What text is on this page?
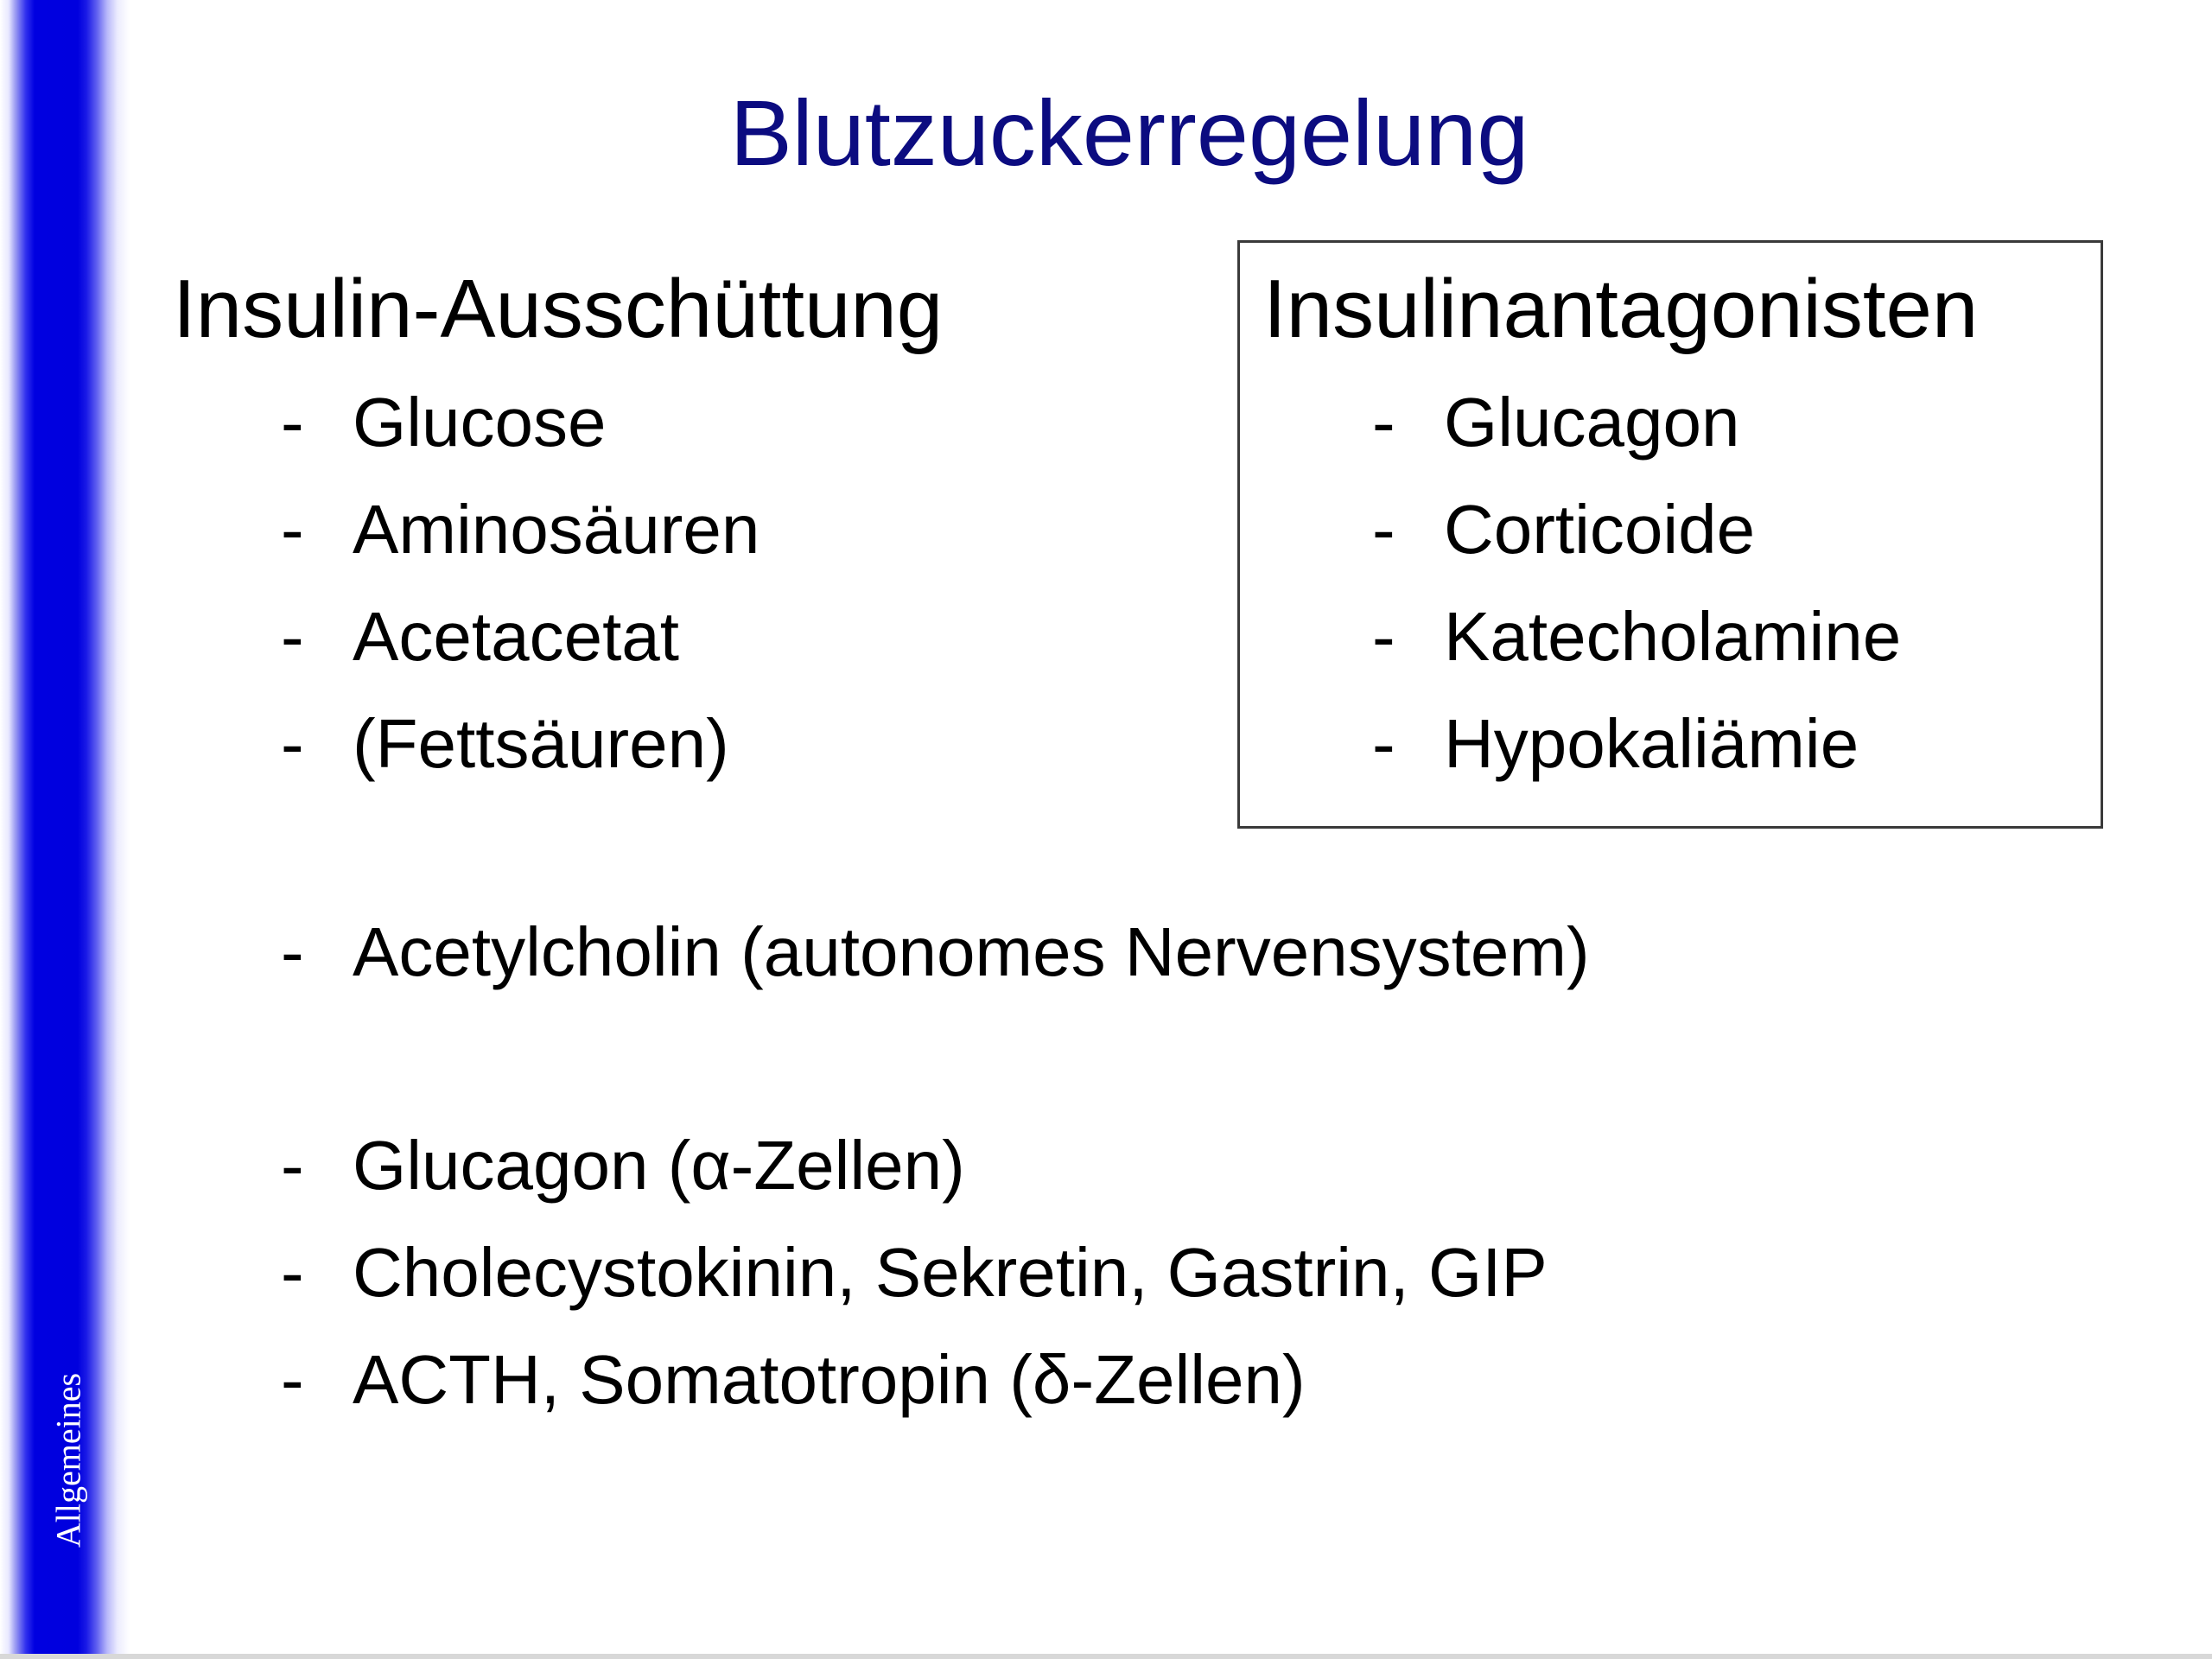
Allgemeines
Blutzuckerregelung
Insulin-Ausschüttung
- Glucose
- Aminosäuren
- Acetacetat
- (Fettsäuren)
Insulinantagonisten
- Glucagon
- Corticoide
- Katecholamine
- Hypokaliämie
- Acetylcholin (autonomes Nervensystem)
- Glucagon (α-Zellen)
- Cholecystokinin, Sekretin, Gastrin, GIP
- ACTH, Somatotropin (δ-Zellen)
